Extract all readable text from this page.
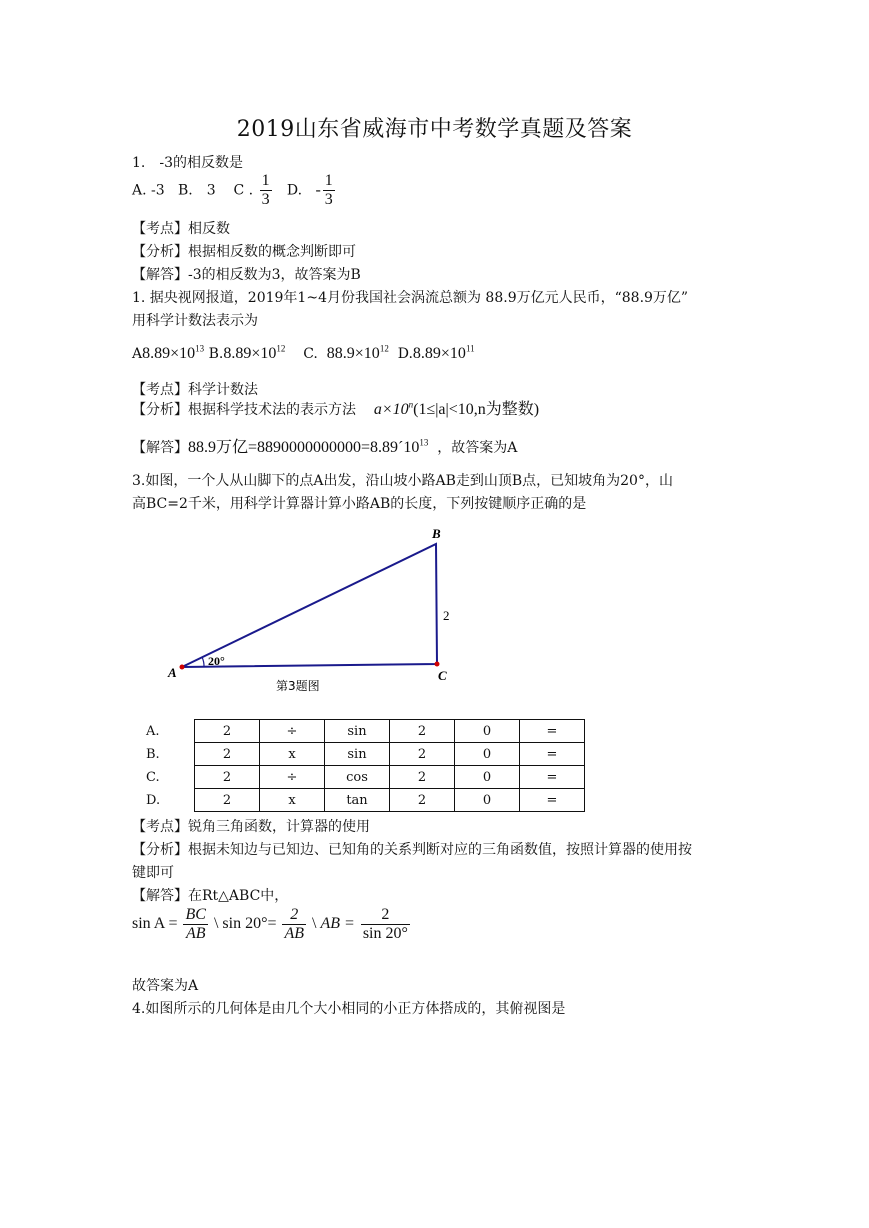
2019山东省威海市中考数学真题及答案
1.　-3的相反数是
A. -3 B.　3 C . $\frac{1}{3} D$. - $\frac{1}{3}$
【考点】相反数
【分析】根据相反数的概念判断即可
【解答】-3的相反数为3，故答案为B
1. 据央视网报道，2019年1~4月份我国社会涡流总额为 88.9万亿元人民币，“88.9万亿”
用科学计数法表示为
$A8.89\times 10^{13}$ $B.8.89\times 10^{12}$ C. $88.9\times 10^{12}$ $D.8.89\times 10^{11}$
【考点】科学计数法
【分析】根据科学技术法的表示方法 $a\times 10^n(1\le|a|<10,n$为整数)
【解答】88.9万亿$=8890000000000=8.89´10^{13}$ ，故答案为A
3.如图，一个人从山脚下的点A出发，沿山坡小路AB走到山顶B点，已知坡角为20°，山
高BC=2千米，用科学计算器计算小路AB的长度，下列按键顺序正确的是
A
B
C
2
20°
第3题图
A.	2	÷	sin	2	0	=
B.	2	x	sin	2	0	=
C.	2	÷	cos	2	0	=
D.	2	x	tan	2	0	=
【考点】锐角三角函数，计算器的使用
【分析】根据未知边与已知边、已知角的关系判断对应的三角函数值，按照计算器的使用按
键即可
【解答】在Rt△ABC中，
$\sin A = \frac{BC}{AB}$ \ $\sin 20^\circ= \frac{2}{AB}$ \ AB = $\frac{2}{\sin 20^\circ}$
故答案为A
4.如图所示的几何体是由几个大小相同的小正方体搭成的，其俯视图是
